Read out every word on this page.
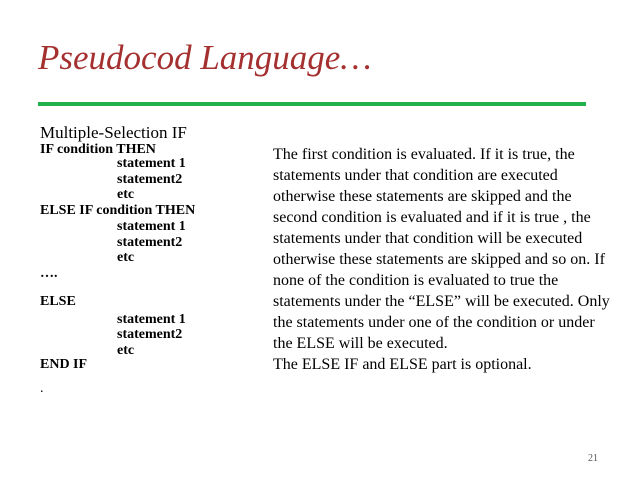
Pseudocod Language…
Multiple-Selection IF
IF condition THEN
statement 1
statement2
etc
ELSE IF condition THEN
statement 1
statement2
etc
….
ELSE
statement 1
statement2
etc
END IF
.

The first condition is evaluated. If it is true, the statements under that condition are executed otherwise these statements are skipped and the second condition is evaluated and if it is true , the statements under that condition will be executed otherwise these statements are skipped and so on. If none of the condition is evaluated to true the statements under the “ELSE” will be executed. Only the statements under one of the condition or under the ELSE will be executed.

The ELSE IF and ELSE part is optional.

21
